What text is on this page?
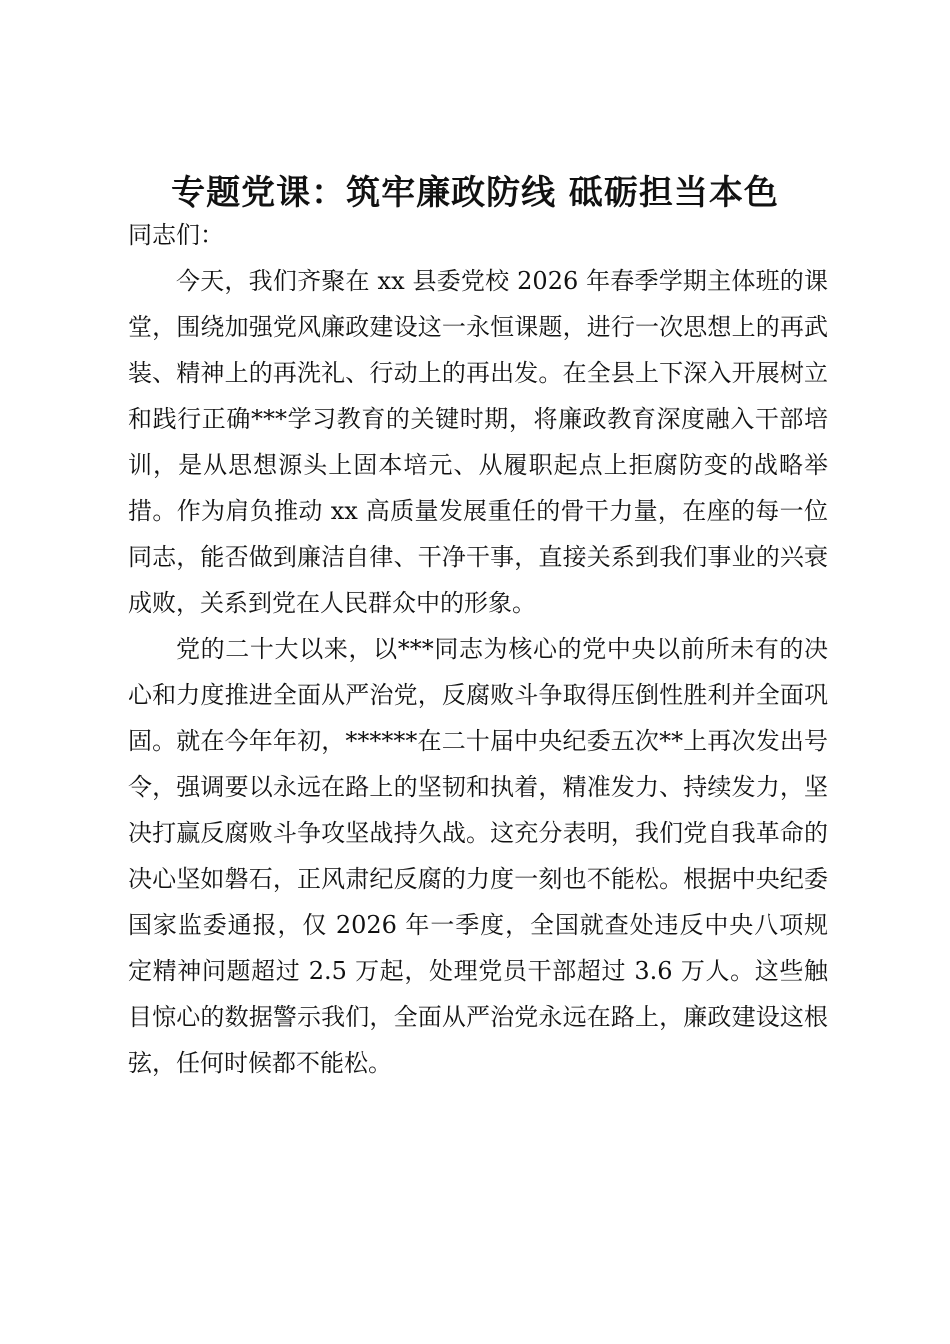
专题党课：筑牢廉政防线 砥砺担当本色

同志们：

今天，我们齐聚在 xx 县委党校 2026 年春季学期主体班的课堂，围绕加强党风廉政建设这一永恒课题，进行一次思想上的再武装、精神上的再洗礼、行动上的再出发。在全县上下深入开展树立和践行正确***学习教育的关键时期，将廉政教育深度融入干部培训，是从思想源头上固本培元、从履职起点上拒腐防变的战略举措。作为肩负推动 xx 高质量发展重任的骨干力量，在座的每一位同志，能否做到廉洁自律、干净干事，直接关系到我们事业的兴衰成败，关系到党在人民群众中的形象。

党的二十大以来，以***同志为核心的党中央以前所未有的决心和力度推进全面从严治党，反腐败斗争取得压倒性胜利并全面巩固。就在今年年初，******在二十届中央纪委五次**上再次发出号令，强调要以永远在路上的坚韧和执着，精准发力、持续发力，坚决打赢反腐败斗争攻坚战持久战。这充分表明，我们党自我革命的决心坚如磐石，正风肃纪反腐的力度一刻也不能松。根据中央纪委国家监委通报，仅 2026 年一季度，全国就查处违反中央八项规定精神问题超过 2.5 万起，处理党员干部超过 3.6 万人。这些触目惊心的数据警示我们，全面从严治党永远在路上，廉政建设这根弦，任何时候都不能松。
